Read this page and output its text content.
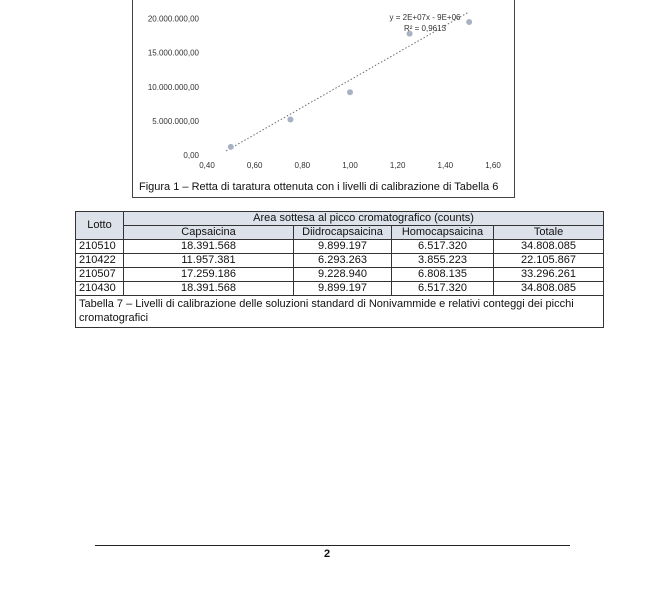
0,00
5.000.000,00
10.000.000,00
15.000.000,00
20.000.000,00
0,40	0,60	0,80	1,00	1,20	1,40	1,60
y = 2E+07x - 9E+06
R² = 0,9613
Figura 1 – Retta di taratura ottenuta con i livelli di calibrazione di Tabella 6
Lotto	Area sottesa al picco cromatografico (counts)			
	Capsaicina	Diidrocapsaicina	Homocapsaicina	Totale
210510	18.391.568	9.899.197	6.517.320	34.808.085
210422	11.957.381	6.293.263	3.855.223	22.105.867
210507	17.259.186	9.228.940	6.808.135	33.296.261
210430	18.391.568	9.899.197	6.517.320	34.808.085
Tabella 7 – Livelli di calibrazione delle soluzioni standard di Nonivammide e relativi conteggi dei picchi cromatografici				
2
